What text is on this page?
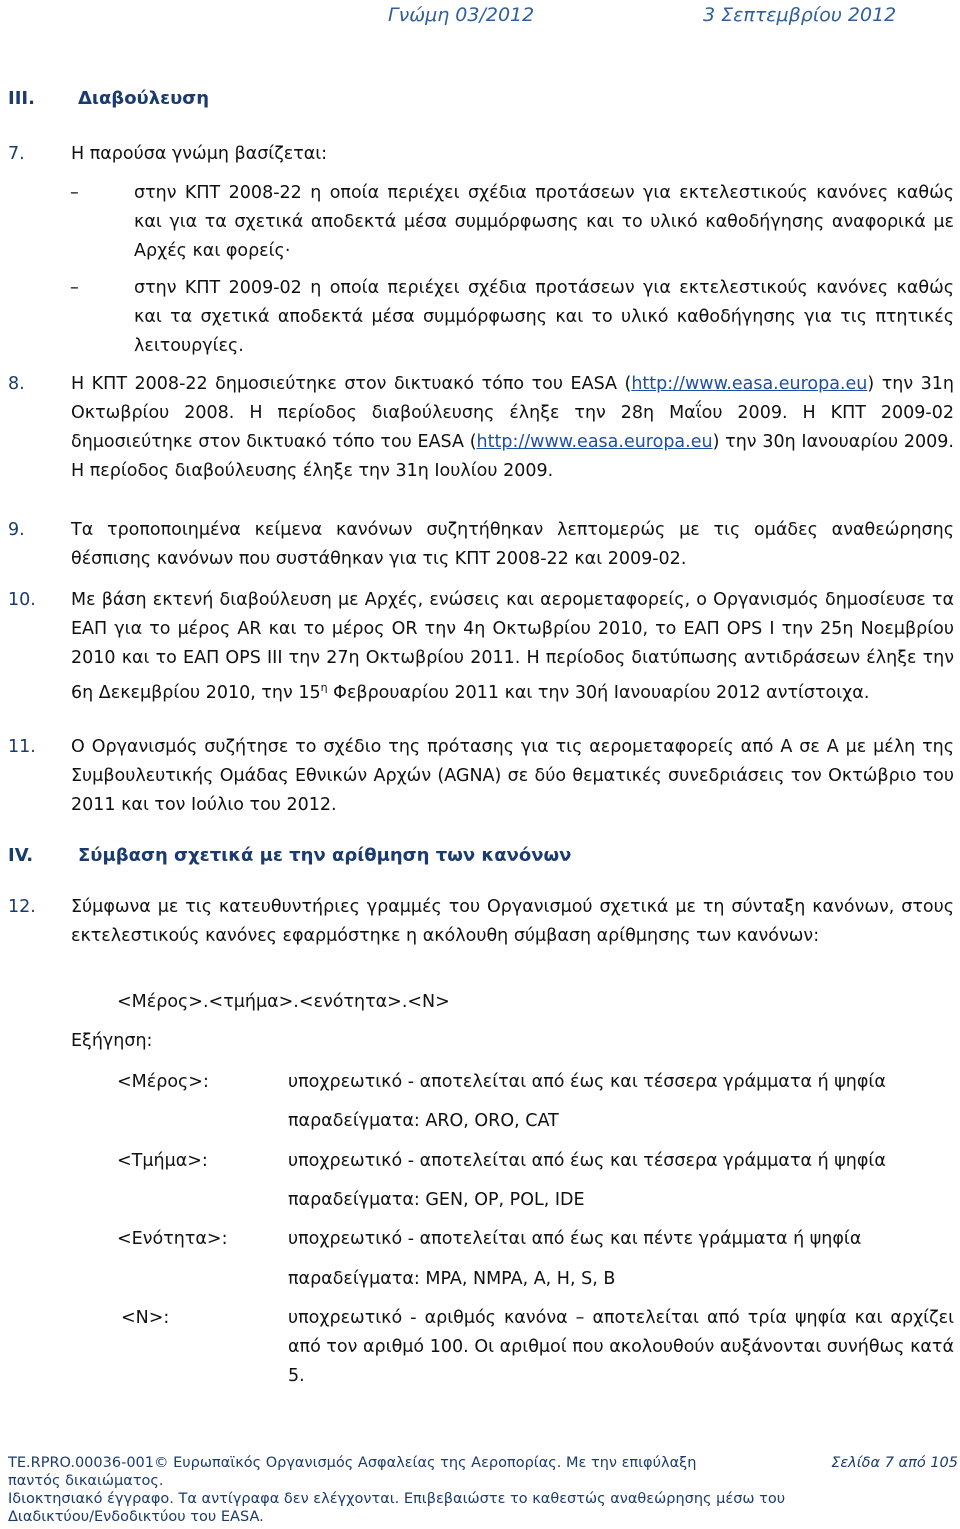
Γνώμη 03/2012	3 Σεπτεμβρίου 2012
III. Διαβούλευση
7.	Η παρούσα γνώμη βασίζεται:
–	στην ΚΠΤ 2008-22 η οποία περιέχει σχέδια προτάσεων για εκτελεστικούς κανόνες καθώς και για τα σχετικά αποδεκτά μέσα συμμόρφωσης και το υλικό καθοδήγησης αναφορικά με Αρχές και φορείς·
–	στην ΚΠΤ 2009-02 η οποία περιέχει σχέδια προτάσεων για εκτελεστικούς κανόνες καθώς και τα σχετικά αποδεκτά μέσα συμμόρφωσης και το υλικό καθοδήγησης για τις πτητικές λειτουργίες.
8.	Η ΚΠΤ 2008-22 δημοσιεύτηκε στον δικτυακό τόπο του EASA (http://www.easa.europa.eu) την 31η Οκτωβρίου 2008. Η περίοδος διαβούλευσης έληξε την 28η Μαΐου 2009. Η ΚΠΤ 2009-02 δημοσιεύτηκε στον δικτυακό τόπο του EASA (http://www.easa.europa.eu) την 30η Ιανουαρίου 2009. Η περίοδος διαβούλευσης έληξε την 31η Ιουλίου 2009.
9.	Τα τροποποιημένα κείμενα κανόνων συζητήθηκαν λεπτομερώς με τις ομάδες αναθεώρησης θέσπισης κανόνων που συστάθηκαν για τις ΚΠΤ 2008-22 και 2009-02.
10. Με βάση εκτενή διαβούλευση με Αρχές, ενώσεις και αερομεταφορείς, ο Οργανισμός δημοσίευσε τα ΕΑΠ για το μέρος AR και το μέρος OR την 4η Οκτωβρίου 2010, το ΕΑΠ OPS I την 25η Νοεμβρίου 2010 και το ΕΑΠ OPS III την 27η Οκτωβρίου 2011. Η περίοδος διατύπωσης αντιδράσεων έληξε την 6η Δεκεμβρίου 2010, την $15^\eta$ Φεβρουαρίου 2011 και την 30ή Ιανουαρίου 2012 αντίστοιχα.
11. Ο Οργανισμός συζήτησε το σχέδιο της πρότασης για τις αερομεταφορείς από Α σε Α με μέλη της Συμβουλευτικής Ομάδας Εθνικών Αρχών (AGNA) σε δύο θεματικές συνεδριάσεις τον Οκτώβριο του 2011 και τον Ιούλιο του 2012.
IV. Σύμβαση σχετικά με την αρίθμηση των κανόνων
12. Σύμφωνα με τις κατευθυντήριες γραμμές του Οργανισμού σχετικά με τη σύνταξη κανόνων, στους εκτελεστικούς κανόνες εφαρμόστηκε η ακόλουθη σύμβαση αρίθμησης των κανόνων:
<Μέρος>.<τμήμα>.<ενότητα>.<N>
Εξήγηση:
<Μέρος>:	υποχρεωτικό - αποτελείται από έως και τέσσερα γράμματα ή ψηφία
παραδείγματα: ARO, ORO, CAT
<Τμήμα>:	υποχρεωτικό - αποτελείται από έως και τέσσερα γράμματα ή ψηφία
παραδείγματα: GEN, OP, POL, IDE
<Ενότητα>:	υποχρεωτικό - αποτελείται από έως και πέντε γράμματα ή ψηφία
παραδείγματα: MPA, NMPA, A, H, S, B
<N>:	υποχρεωτικό - αριθμός κανόνα – αποτελείται από τρία ψηφία και αρχίζει από τον αριθμό 100. Οι αριθμοί που ακολουθούν αυξάνονται συνήθως κατά 5.
TE.RPRO.00036-001© Ευρωπαϊκός Οργανισμός Ασφαλείας της Αεροπορίας. Με την επιφύλαξη
παντός δικαιώματος.
Ιδιοκτησιακό έγγραφο. Τα αντίγραφα δεν ελέγχονται. Επιβεβαιώστε το καθεστώς αναθεώρησης μέσω του
Διαδικτύου/Ενδοδικτύου του EASA.
Σελίδα 7 από 105
